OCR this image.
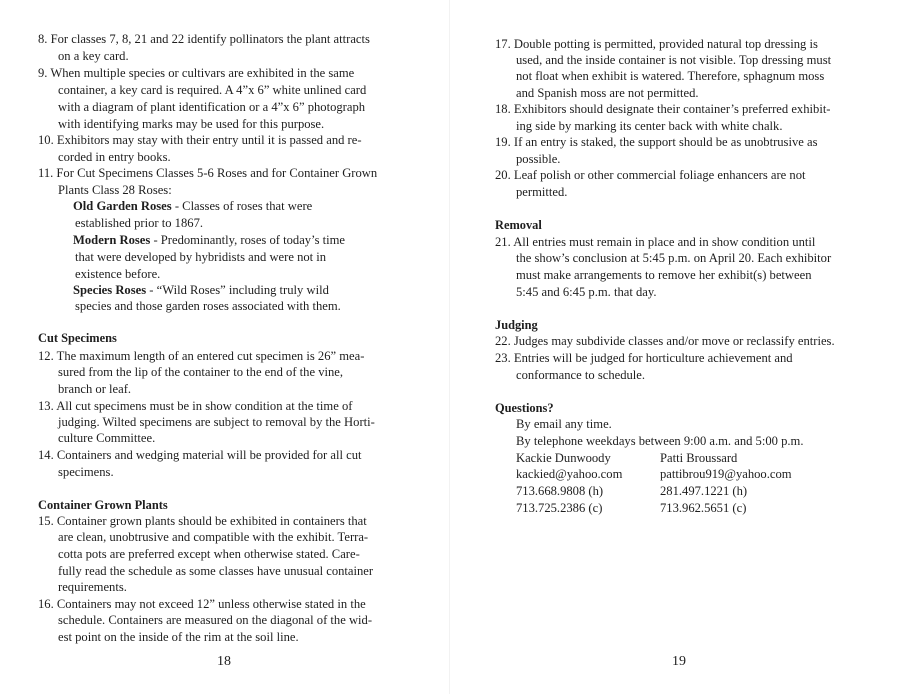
8. For classes 7, 8, 21 and 22 identify pollinators the plant attracts
on a key card.
9. When multiple species or cultivars are exhibited in the same
container, a key card is required. A 4”x 6” white unlined card
with a diagram of plant identification or a 4”x 6” photograph
with identifying marks may be used for this purpose.
10. Exhibitors may stay with their entry until it is passed and re-
corded in entry books.
11. For Cut Specimens Classes 5-6 Roses and for Container Grown
Plants Class 28 Roses:
Old Garden Roses - Classes of roses that were
established prior to 1867.
Modern Roses - Predominantly, roses of today’s time
that were developed by hybridists and were not in
existence before.
Species Roses - “Wild Roses” including truly wild
species and those garden roses associated with them.
Cut Specimens
12. The maximum length of an entered cut specimen is 26” mea-
sured from the lip of the container to the end of the vine,
branch or leaf.
13. All cut specimens must be in show condition at the time of
judging. Wilted specimens are subject to removal by the Horti-
culture Committee.
14. Containers and wedging material will be provided for all cut
specimens.
Container Grown Plants
15. Container grown plants should be exhibited in containers that
are clean, unobtrusive and compatible with the exhibit. Terra-
cotta pots are preferred except when otherwise stated. Care-
fully read the schedule as some classes have unusual container
requirements.
16. Containers may not exceed 12” unless otherwise stated in the
schedule. Containers are measured on the diagonal of the wid-
est point on the inside of the rim at the soil line.
17. Double potting is permitted, provided natural top dressing is
used, and the inside container is not visible. Top dressing must
not float when exhibit is watered. Therefore, sphagnum moss
and Spanish moss are not permitted.
18. Exhibitors should designate their container’s preferred exhibit-
ing side by marking its center back with white chalk.
19. If an entry is staked, the support should be as unobtrusive as
possible.
20. Leaf polish or other commercial foliage enhancers are not
permitted.
Removal
21. All entries must remain in place and in show condition until
the show’s conclusion at 5:45 p.m. on April 20. Each exhibitor
must make arrangements to remove her exhibit(s) between
5:45 and 6:45 p.m. that day.
Judging
22. Judges may subdivide classes and/or move or reclassify entries.
23. Entries will be judged for horticulture achievement and
conformance to schedule.
Questions?
By email any time.
By telephone weekdays between 9:00 a.m. and 5:00 p.m.
Kackie Dunwoody
kackied@yahoo.com
713.668.9808 (h)
713.725.2386 (c)
Patti Broussard
pattibrou919@yahoo.com
281.497.1221 (h)
713.962.5651 (c)
18	19
